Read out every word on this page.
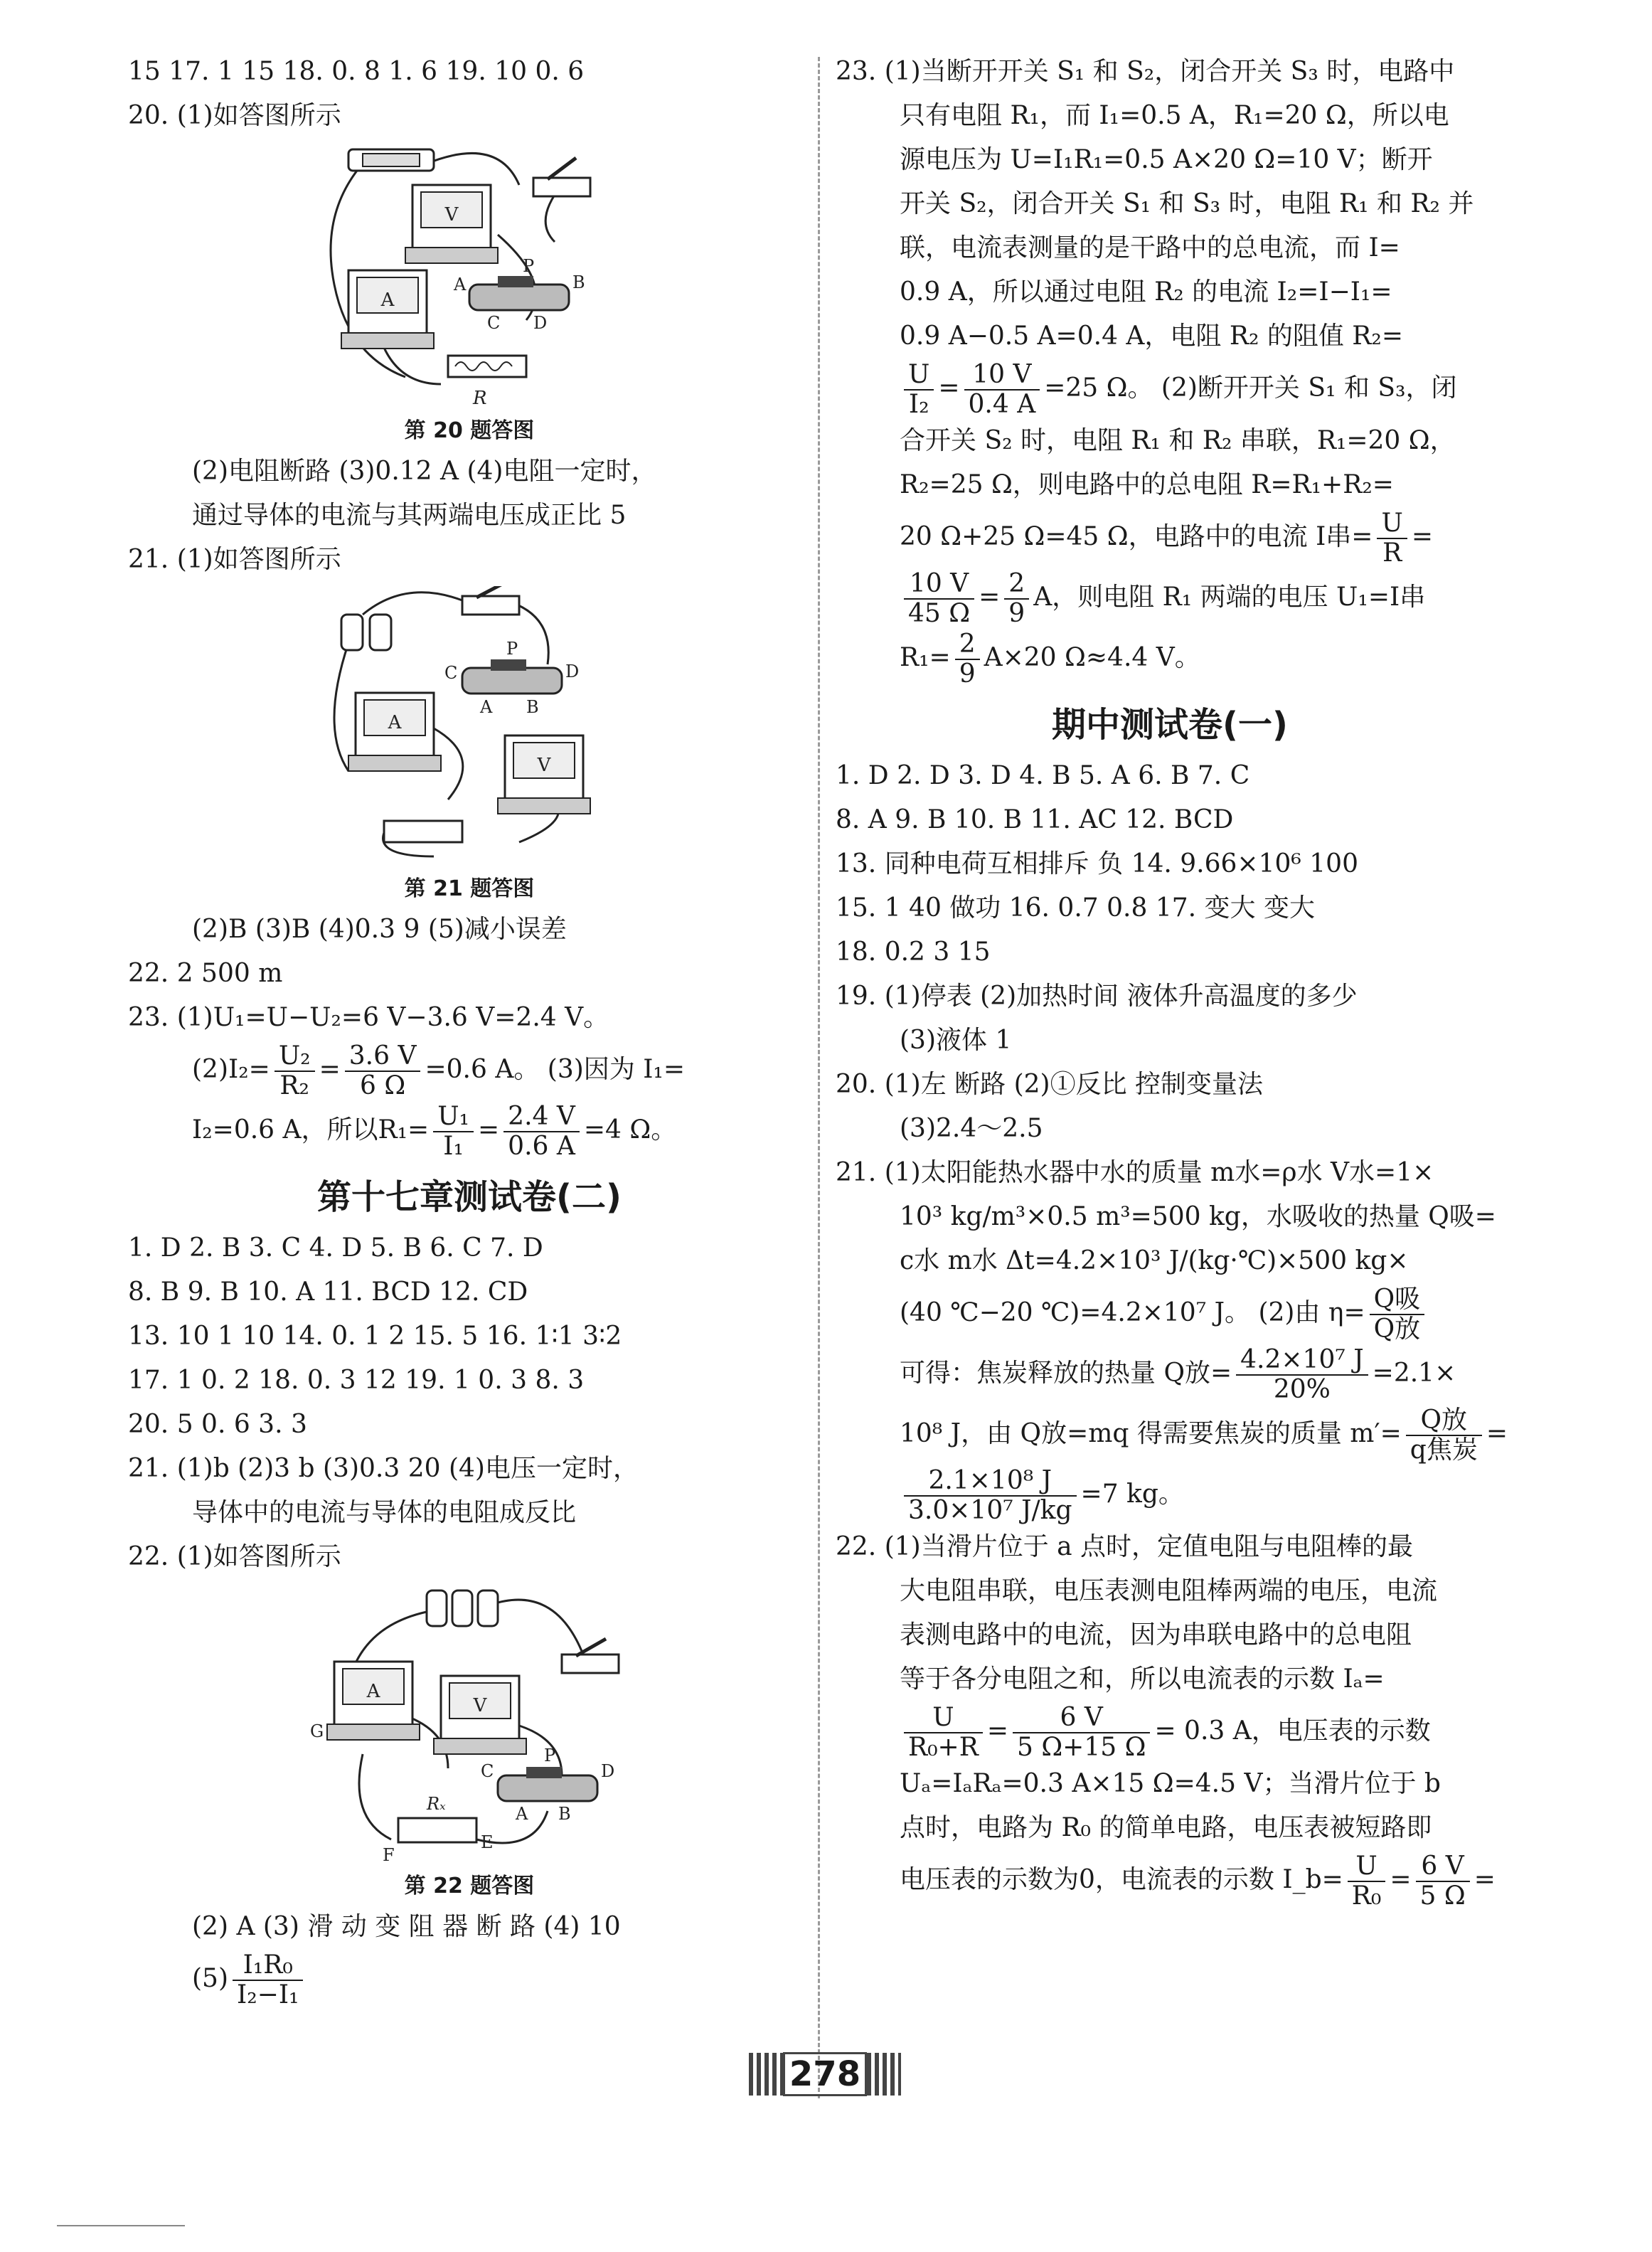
15 17. 1 15 18. 0. 8 1. 6 19. 10 0. 6
20. (1)如答图所示
V
A
P
A	B
C D
R
第 20 题答图
(2)电阻断路 (3)0.12 A (4)电阻一定时，
通过导体的电流与其两端电压成正比 5
21. (1)如答图所示
P
C	D
A B
A
V
第 21 题答图
(2)B (3)B (4)0.3 9 (5)减小误差
22. 2 500 m
23. (1)U₁=U−U₂=6 V−3.6 V=2.4 V。
$(2)I_2= \frac{\text{U₂}}{\text{R₂}} = \frac{3.6 V}{6 \Omega} =0.6$ A。 (3)因为 I₁=
I₂=0.6 A，所以$R_1= \frac{\text{U₁}}{\text{I₁}} = \frac{2.4 V}{0.6 A} =4$ Ω。
第十七章测试卷(二)
1. D 2. B 3. C 4. D 5. B 6. C 7. D
8. B 9. B 10. A 11. BCD 12. CD
13. 10 1 10 14. 0. 1 2 15. 5 16. 1∶1 3∶2
17. 1 0. 2 18. 0. 3 12 19. 1 0. 3 8. 3
20. 5 0. 6 3. 3
21. (1)b (2)3 b (3)0.3 20 (4)电压一定时，
导体中的电流与导体的电阻成反比
22. (1)如答图所示
A
G
V
P
C	D
A B
Rₓ
F
E
第 22 题答图
(2) A (3) 滑 动 变 阻 器 断 路 (4) 10
$(5) \frac{\text{I₁R₀}}{\text{I₂−I₁}}$
23. (1)当断开开关 S₁ 和 S₂，闭合开关 S₃ 时，电路中
只有电阻 R₁，而 I₁=0.5 A，R₁=20 Ω，所以电
源电压为 U=I₁R₁=0.5 A×20 Ω=10 V；断开
开关 S₂，闭合开关 S₁ 和 S₃ 时，电阻 R₁ 和 R₂ 并
联，电流表测量的是干路中的总电流，而 I=
0.9 A，所以通过电阻 R₂ 的电流 I₂=I−I₁=
0.9 A−0.5 A=0.4 A，电阻 R₂ 的阻值 R₂=
$\frac{U}{\text{I₂}} = \frac{10 V}{0.4 A} =25$ Ω。 (2)断开开关 S₁ 和 S₃，闭
合开关 S₂ 时，电阻 R₁ 和 R₂ 串联，R₁=20 Ω，
R₂=25 Ω，则电路中的总电阻 R=R₁+R₂=
20 Ω+25 Ω=45 Ω，电路中的电流 I串= $\frac{U}{R}$ =
$\frac{10 V}{45 \Omega} = \frac{2}{9}$ A，则电阻 R₁ 两端的电压 U₁=I串
$R_1= \frac{2}{9} A\times 20$ Ω≈4.4 V。
期中测试卷(一)
1. D 2. D 3. D 4. B 5. A 6. B 7. C
8. A 9. B 10. B 11. AC 12. BCD
13. 同种电荷互相排斥 负 14. 9.66×10⁶ 100
15. 1 40 做功 16. 0.7 0.8 17. 变大 变大
18. 0.2 3 15
19. (1)停表 (2)加热时间 液体升高温度的多少
(3)液体 1
20. (1)左 断路 (2)①反比 控制变量法
(3)2.4～2.5
21. (1)太阳能热水器中水的质量 m水=ρ水 V水=1×
10³ kg/m³×0.5 m³=500 kg，水吸收的热量 Q吸=
c水 m水 Δt=4.2×10³ J/(kg·℃)×500 kg×
(40 ℃−20 ℃)=4.2×10⁷ J。 (2)由 $\eta= \frac{\text{Q吸}}{\text{Q放}}$
可得：焦炭释放的热量 Q放= $\frac{\text{4.2×10⁷ J}}{20\%} =2.1\times$
10⁸ J，由 Q放=mq 得需要焦炭的质量 $m'= \frac{\text{Q放}}{\text{q焦炭}}$ =
$\frac{\text{2.1×10⁸ J}}{\text{3.0×10⁷ J/kg}} =7$ kg。
22. (1)当滑片位于 a 点时，定值电阻与电阻棒的最
大电阻串联，电压表测电阻棒两端的电压，电流
表测电路中的电流，因为串联电路中的总电阻
等于各分电阻之和，所以电流表的示数 Iₐ=
$\frac{U}{\text{R₀+R}} = \frac{6 V}{5 \Omega+15 \Omega} = 0.3$ A，电压表的示数
Uₐ=IₐRₐ=0.3 A×15 Ω=4.5 V；当滑片位于 b
点时，电路为 R₀ 的简单电路，电压表被短路即
电压表的示数为0，电流表的示数 I_b= $\frac{U}{\text{R₀}} = \frac{6 V}{5 \Omega}$ =
278
